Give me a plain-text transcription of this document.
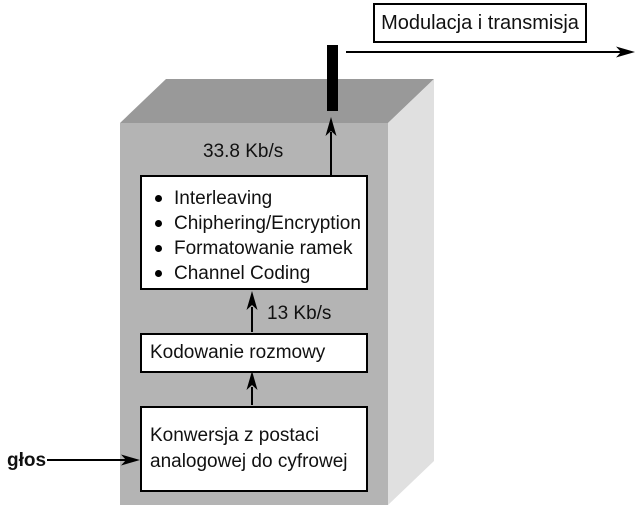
Modulacja i transmisja
33.8 Kb/s
13 Kb/s
Interleaving
Chiphering/Encryption
Formatowanie ramek
Channel Coding
Kodowanie rozmowy
Konwersja z postaci analogowej do cyfrowej
głos
